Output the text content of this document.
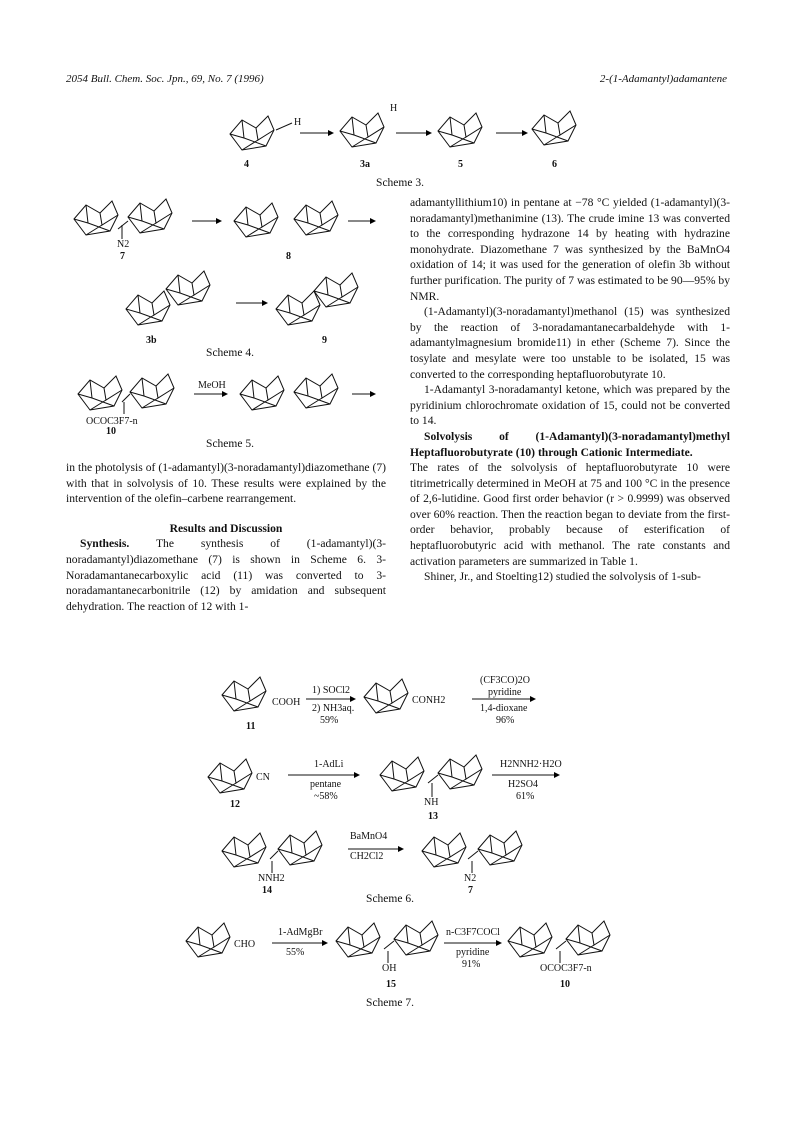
2054 Bull. Chem. Soc. Jpn., 69, No. 7 (1996)	2-(1-Adamantyl)adamantene
H
H
4	3a	5	6
Scheme 3.
N2
7	8
3b	9
Scheme 4.
MeOH
OCOC3F7-n
10
Scheme 5.

in the photolysis of (1-adamantyl)(3-noradamantyl)diazomethane (7) with that in solvolysis of 10. These results were explained by the intervention of the olefin–carbene rearrangement.

Results and Discussion

Synthesis. The synthesis of (1-adamantyl)(3-noradamantyl)diazomethane (7) is shown in Scheme 6. 3-Noradamantanecarboxylic acid (11) was converted to 3-noradamantanecarbonitrile (12) by amidation and subsequent dehydration. The reaction of 12 with 1-

adamantyllithium10) in pentane at −78 °C yielded (1-adamantyl)(3-noradamantyl)methanimine (13). The crude imine 13 was converted to the corresponding hydrazone 14 by heating with hydrazine monohydrate. Diazomethane 7 was synthesized by the BaMnO4 oxidation of 14; it was used for the generation of olefin 3b without further purification. The purity of 7 was estimated to be 90—95% by NMR.

(1-Adamantyl)(3-noradamantyl)methanol (15) was synthesized by the reaction of 3-noradamantanecarbaldehyde with 1-adamantylmagnesium bromide11) in ether (Scheme 7). Since the tosylate and mesylate were too unstable to be isolated, 15 was converted to the corresponding heptafluorobutyrate 10.

1-Adamantyl 3-noradamantyl ketone, which was prepared by the pyridinium chlorochromate oxidation of 15, could not be converted to 14.

Solvolysis of (1-Adamantyl)(3-noradamantyl)methyl Heptafluorobutyrate (10) through Cationic Intermediate.

The rates of the solvolysis of heptafluorobutyrate 10 were titrimetrically determined in MeOH at 75 and 100 °C in the presence of 2,6-lutidine. Good first order behavior (r > 0.9999) was observed over 60% reaction. Then the reaction began to deviate from the first-order behavior, probably because of esterification of heptafluorobutyric acid with methanol. The rate constants and activation parameters are summarized in Table 1.

Shiner, Jr., and Stoelting12) studied the solvolysis of 1-sub-

COOH
1) SOCl2
2) NH3aq.
59%
CONH2
(CF3CO)2O
pyridine
1,4-dioxane
96%
11
CN
1-AdLi
pentane
~58%
NH
H2NNH2·H2O
H2SO4
61%
12
13
NNH2
BaMnO4
CH2Cl2
N2
14	7
Scheme 6.
CHO
1-AdMgBr
55%
OH
n-C3F7COCl
pyridine
91%	OCOC3F7-n
15	10
Scheme 7.
